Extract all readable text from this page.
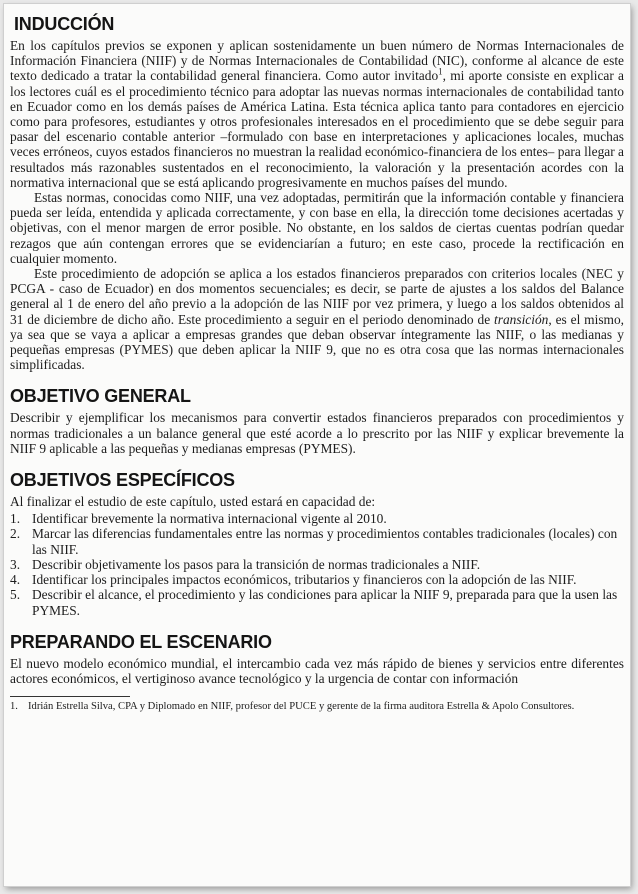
INDUCCIÓN

En los capítulos previos se exponen y aplican sostenidamente un buen número de Normas Internacionales de Información Financiera (NIIF) y de Normas Internacionales de Contabilidad (NIC), conforme al alcance de este texto dedicado a tratar la contabilidad general financiera. Como autor invitado$^1$, mi aporte consiste en explicar a los lectores cuál es el procedimiento técnico para adoptar las nuevas normas internacionales de contabilidad tanto en Ecuador como en los demás países de América Latina. Esta técnica aplica tanto para contadores en ejercicio como para profesores, estudiantes y otros profesionales interesados en el procedimiento que se debe seguir para pasar del escenario contable anterior –formulado con base en interpretaciones y aplicaciones locales, muchas veces erróneos, cuyos estados financieros no muestran la realidad económico-financiera de los entes– para llegar a resultados más razonables sustentados en el reconocimiento, la valoración y la presentación acordes con la normativa internacional que se está aplicando progresivamente en muchos países del mundo.

Estas normas, conocidas como NIIF, una vez adoptadas, permitirán que la información contable y financiera pueda ser leída, entendida y aplicada correctamente, y con base en ella, la dirección tome decisiones acertadas y objetivas, con el menor margen de error posible. No obstante, en los saldos de ciertas cuentas podrían quedar rezagos que aún contengan errores que se evidenciarían a futuro; en este caso, procede la rectificación en cualquier momento.

Este procedimiento de adopción se aplica a los estados financieros preparados con criterios locales (NEC y PCGA - caso de Ecuador) en dos momentos secuenciales; es decir, se parte de ajustes a los saldos del Balance general al 1 de enero del año previo a la adopción de las NIIF por vez primera, y luego a los saldos obtenidos al 31 de diciembre de dicho año. Este procedimiento a seguir en el periodo denominado de transición, es el mismo, ya sea que se vaya a aplicar a empresas grandes que deban observar íntegramente las NIIF, o las medianas y pequeñas empresas (PYMES) que deben aplicar la NIIF 9, que no es otra cosa que las normas internacionales simplificadas.

OBJETIVO GENERAL

Describir y ejemplificar los mecanismos para convertir estados financieros preparados con procedimientos y normas tradicionales a un balance general que esté acorde a lo prescrito por las NIIF y explicar brevemente la NIIF 9 aplicable a las pequeñas y medianas empresas (PYMES).

OBJETIVOS ESPECÍFICOS

Al finalizar el estudio de este capítulo, usted estará en capacidad de:

1. Identificar brevemente la normativa internacional vigente al 2010.
2. Marcar las diferencias fundamentales entre las normas y procedimientos contables tradicionales (locales) con las NIIF.
3. Describir objetivamente los pasos para la transición de normas tradicionales a NIIF.
4. Identificar los principales impactos económicos, tributarios y financieros con la adopción de las NIIF.
5. Describir el alcance, el procedimiento y las condiciones para aplicar la NIIF 9, preparada para que la usen las PYMES.
PREPARANDO EL ESCENARIO

El nuevo modelo económico mundial, el intercambio cada vez más rápido de bienes y servicios entre diferentes actores económicos, el vertiginoso avance tecnológico y la urgencia de contar con información

1. Idrián Estrella Silva, CPA y Diplomado en NIIF, profesor del PUCE y gerente de la firma auditora Estrella & Apolo Consultores.
